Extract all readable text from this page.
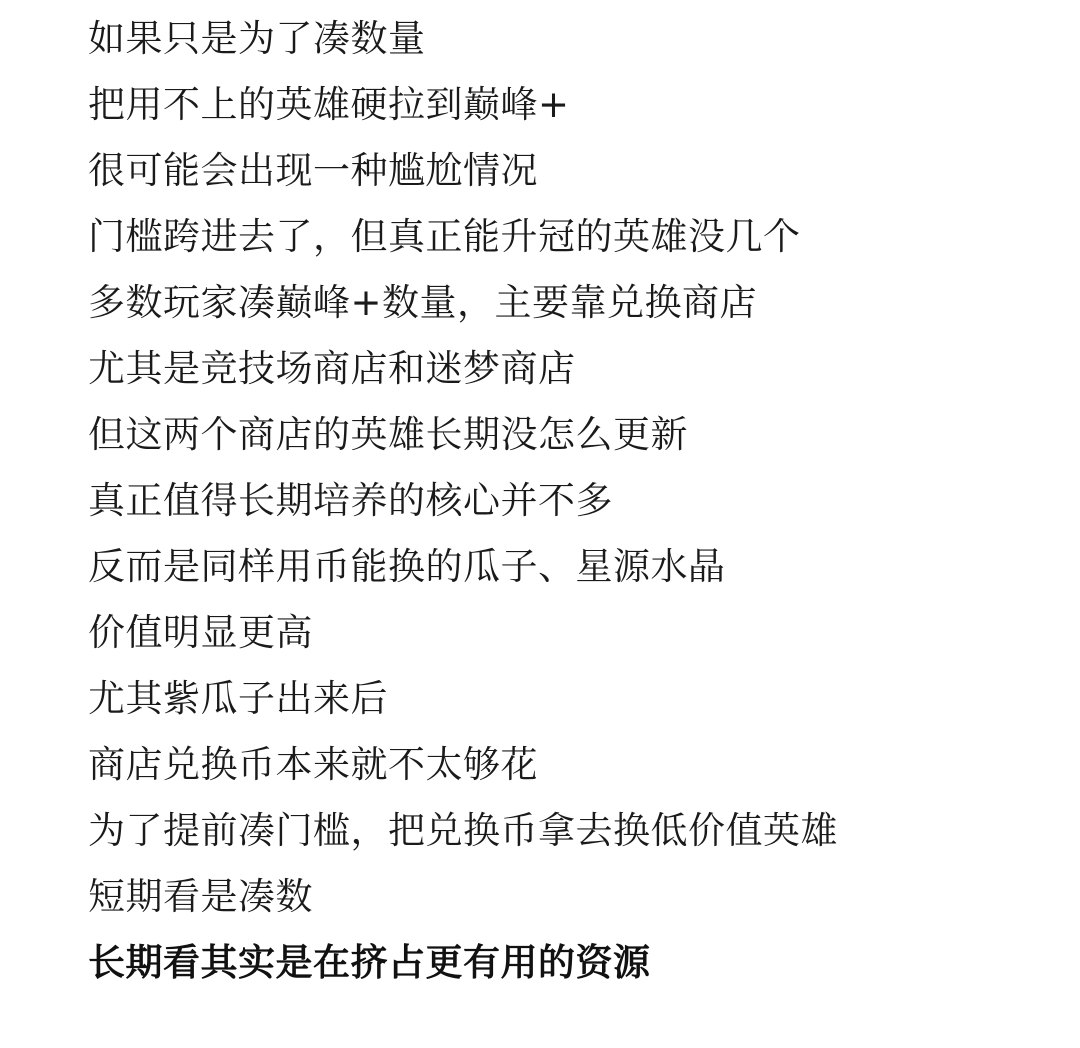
如果只是为了凑数量
把用不上的英雄硬拉到巅峰+
很可能会出现一种尴尬情况
门槛跨进去了，但真正能升冠的英雄没几个
多数玩家凑巅峰+数量，主要靠兑换商店
尤其是竞技场商店和迷梦商店
但这两个商店的英雄长期没怎么更新
真正值得长期培养的核心并不多
反而是同样用币能换的瓜子、星源水晶
价值明显更高
尤其紫瓜子出来后
商店兑换币本来就不太够花
为了提前凑门槛，把兑换币拿去换低价值英雄
短期看是凑数
长期看其实是在挤占更有用的资源
